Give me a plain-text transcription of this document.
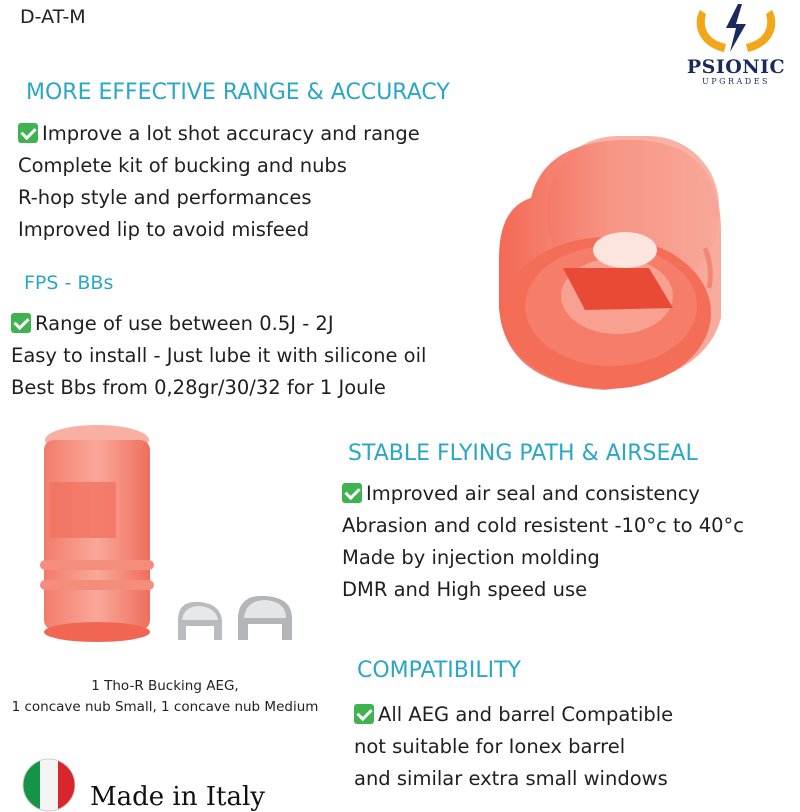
D-AT-M
PSIONIC
UPGRADES
MORE EFFECTIVE RANGE & ACCURACY
Improve a lot shot accuracy and range
Complete kit of bucking and nubs
R-hop style and performances
Improved lip to avoid misfeed
FPS - BBs
Range of use between 0.5J - 2J
Easy to install - Just lube it with silicone oil
Best Bbs from 0,28gr/30/32 for 1 Joule
1 Tho-R Bucking AEG,
1 concave nub Small, 1 concave nub Medium
STABLE FLYING PATH & AIRSEAL
Improved air seal and consistency
Abrasion and cold resistent -10°c to 40°c
Made by injection molding
DMR and High speed use
COMPATIBILITY
All AEG and barrel Compatible
not suitable for Ionex barrel
and similar extra small windows
Made in Italy
